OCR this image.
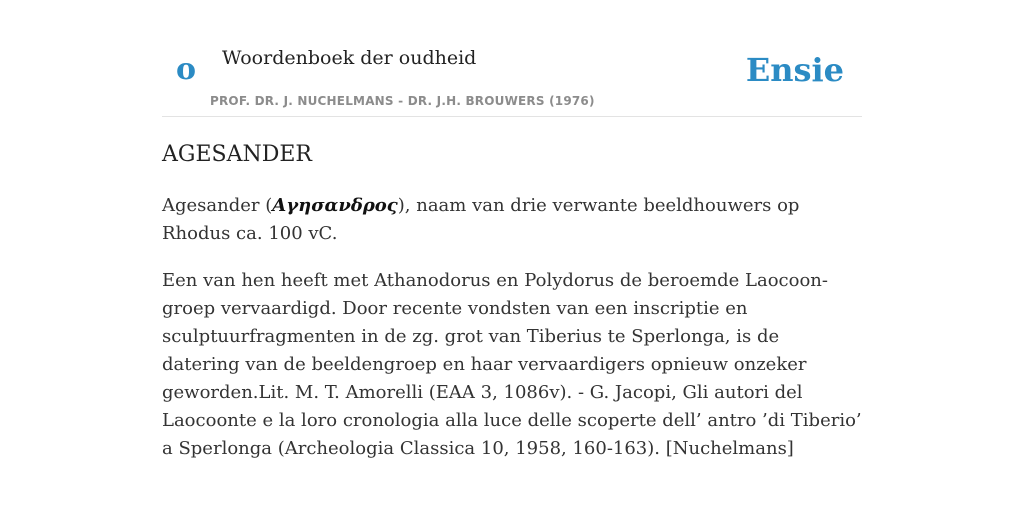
o Woordenboek der oudheid
PROF. DR. J. NUCHELMANS - DR. J.H. BROUWERS (1976)
Ensie
AGESANDER

Agesander (Αγησανδρος), naam van drie verwante beeldhouwers op Rhodus ca. 100 vC.

Een van hen heeft met Athanodorus en Polydorus de beroemde Laocoon-groep vervaardigd. Door recente vondsten van een inscriptie en sculptuurfragmenten in de zg. grot van Tiberius te Sperlonga, is de datering van de beeldengroep en haar vervaardigers opnieuw onzeker geworden.Lit. M. T. Amorelli (EAA 3, 1086v). - G. Jacopi, Gli autori del Laocoonte e la loro cronologia alla luce delle scoperte dell’ antro ’di Tiberio’ a Sperlonga (Archeologia Classica 10, 1958, 160-163). [Nuchelmans]
